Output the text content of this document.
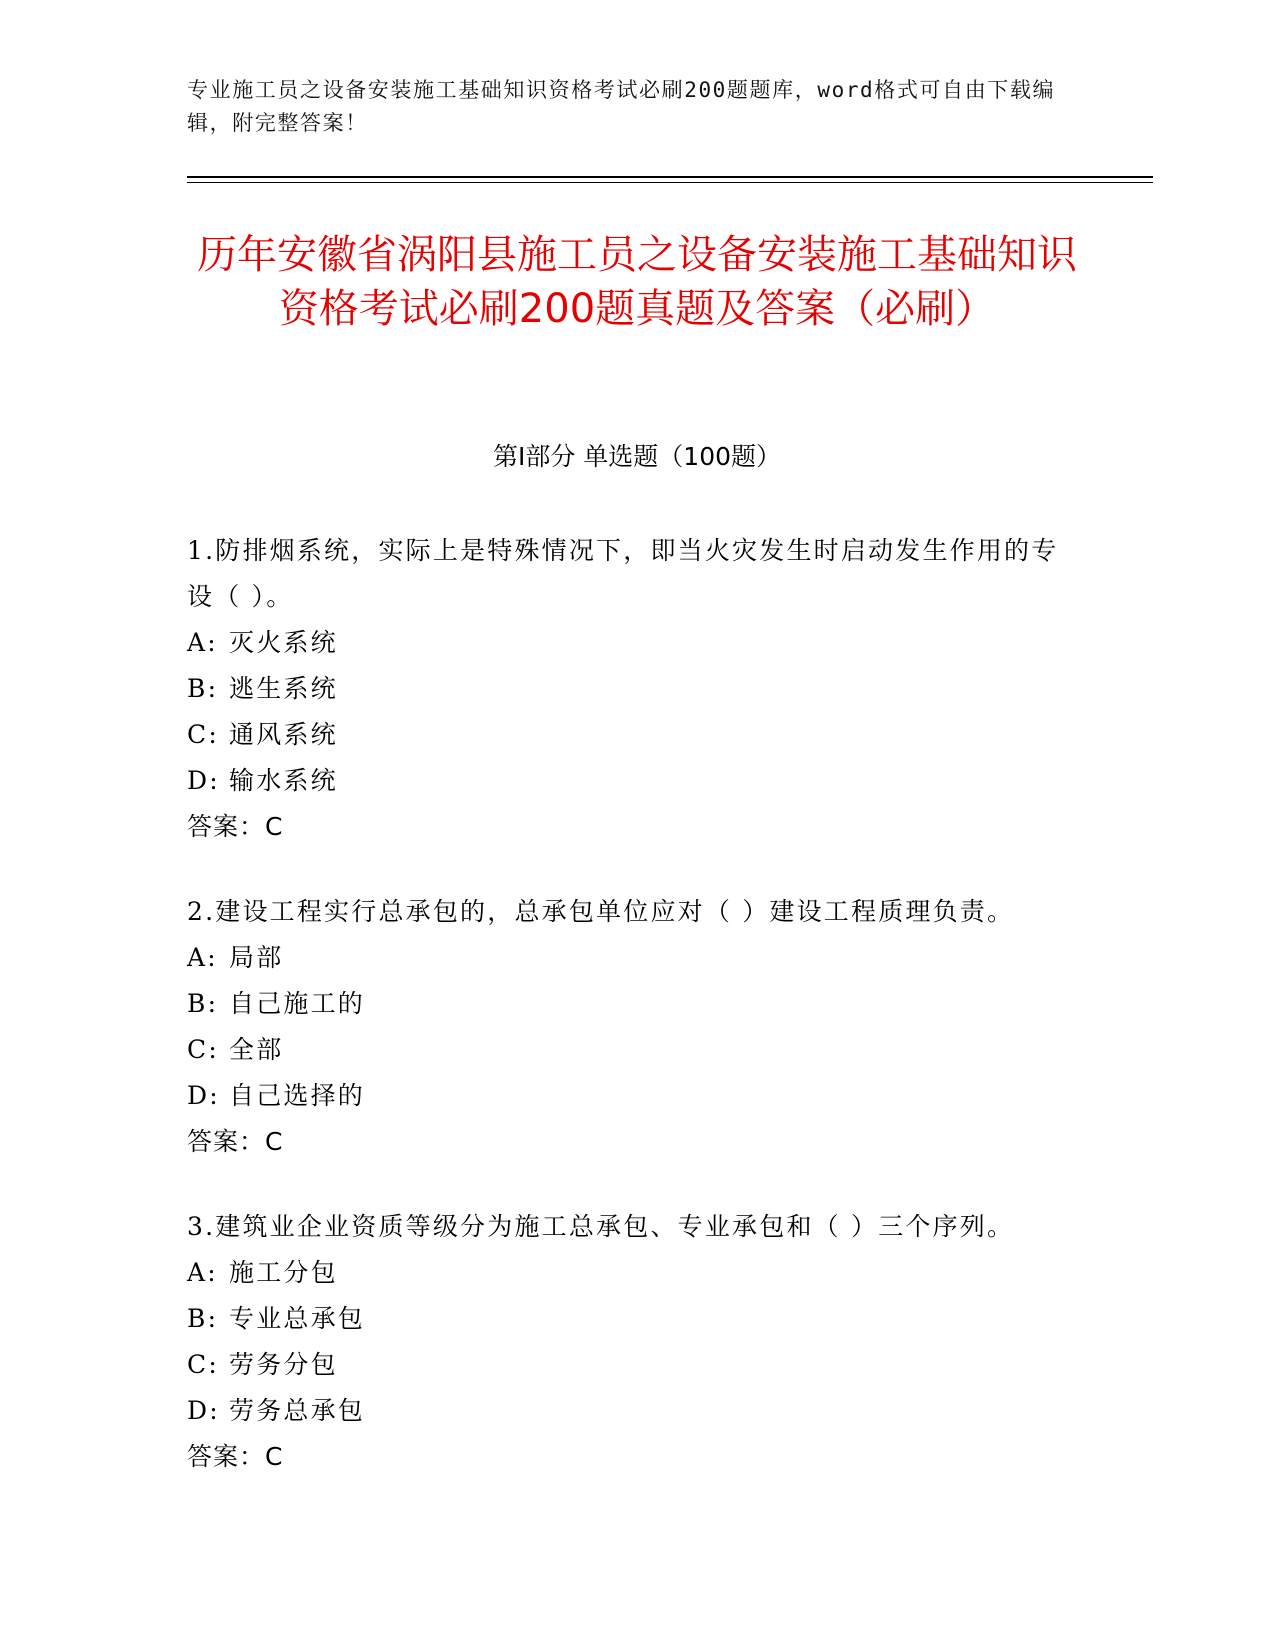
专业施工员之设备安装施工基础知识资格考试必刷200题题库，word格式可自由下载编辑，附完整答案！
历年安徽省涡阳县施工员之设备安装施工基础知识资格考试必刷200题真题及答案（必刷）
第I部分 单选题（100题）

1.防排烟系统，实际上是特殊情况下，即当火灾发生时启动发生作用的专设（ ）。

A: 灭火系统
B: 逃生系统
C: 通风系统
D: 输水系统
答案：C

2.建设工程实行总承包的，总承包单位应对（ ）建设工程质理负责。

A: 局部
B: 自己施工的
C: 全部
D: 自己选择的
答案：C

3.建筑业企业资质等级分为施工总承包、专业承包和（ ）三个序列。

A: 施工分包
B: 专业总承包
C: 劳务分包
D: 劳务总承包
答案：C
